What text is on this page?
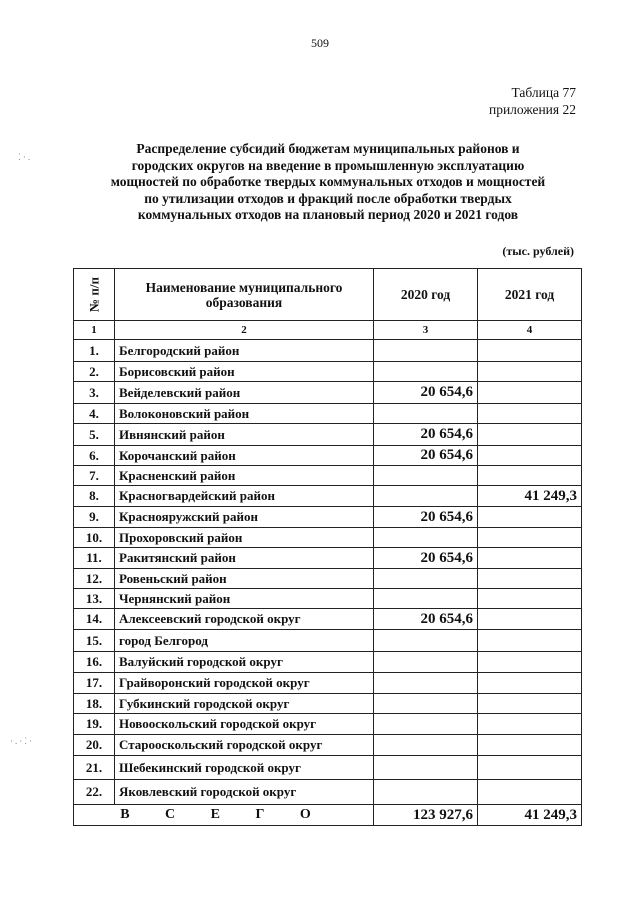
509
Таблица 77
приложения 22
Распределение субсидий бюджетам муниципальных районов и
городских округов на введение в промышленную эксплуатацию
мощностей по обработке твердых коммунальных отходов и мощностей
по утилизации отходов и фракций после обработки твердых
коммунальных отходов на плановый период 2020 и 2021 годов
(тыс. рублей)
⁚·.
·.·⁚·
№ п/п	Наименование муниципального
образования	2020 год	2021 год
1	2	3	4
1.	Белгородский район		
2.	Борисовский район		
3.	Вейделевский район	20 654,6	
4.	Волоконовский район		
5.	Ивнянский район	20 654,6	
6.	Корочанский район	20 654,6	
7.	Красненский район		
8.	Красногвардейский район		41 249,3
9.	Краснояружский район	20 654,6	
10.	Прохоровский район		
11.	Ракитянский район	20 654,6	
12.	Ровеньский район		
13.	Чернянский район		
14.	Алексеевский городской округ	20 654,6	
15.	город Белгород		
16.	Валуйский городской округ		
17.	Грайворонский городской округ		
18.	Губкинский городской округ		
19.	Новооскольский городской округ		
20.	Старооскольский городской округ		
21.	Шебекинский городской округ		
22.	Яковлевский городской округ		
В С Е Г О		123 927,6	41 249,3
